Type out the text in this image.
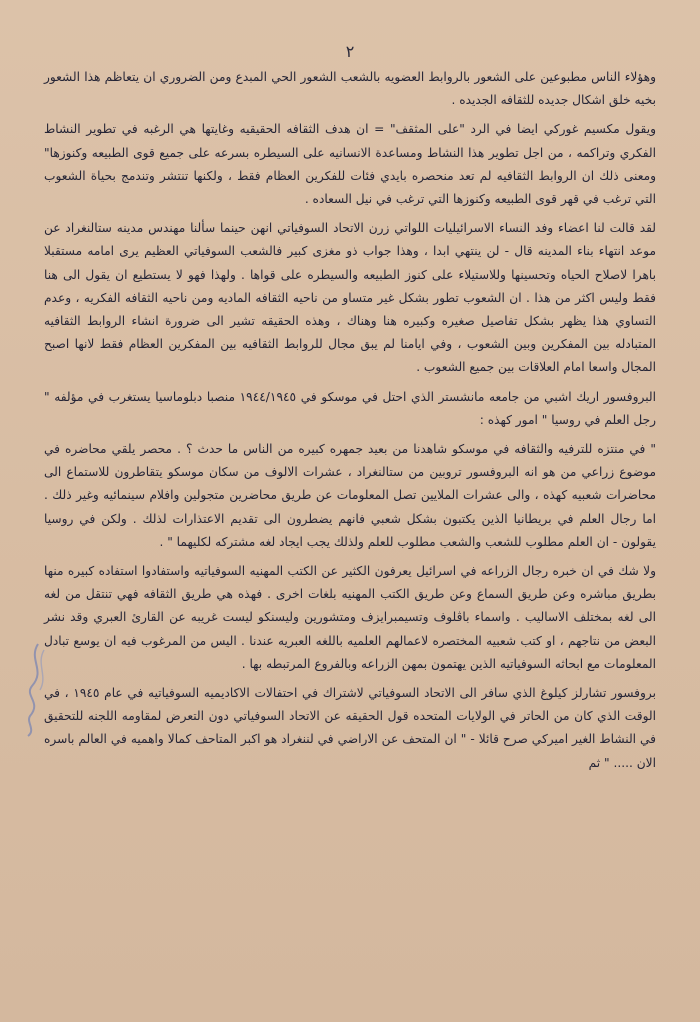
٢

وهؤلاء الناس مطبوعين على الشعور بالروابط العضويه بالشعب الشعور الحي المبدع ومن الضروري ان يتعاظم هذا الشعور بخيه خلق اشكال جديده للثقافه الجديده .

ويقول مكسيم غوركي ايضا في الرد "على المثقف" = ان هدف الثقافه الحقيقيه وغايتها هي الرغبه في تطوير النشاط الفكري وتراكمه ، من اجل تطوير هذا النشاط ومساعدة الانسانيه على السيطره بسرعه على جميع قوى الطبيعه وكنوزها" ومعنى ذلك ان الروابط الثقافيه لم تعد منحصره بايدي فئات للفكرين العظام فقط ، ولكنها تنتشر وتندمج بحياة الشعوب التي ترغب في قهر قوى الطبيعه وكنوزها التي ترغب في نيل السعاده .

لقد قالت لنا اعضاء وفد النساء الاسرائيليات اللواتي زرن الاتحاد السوفياتي انهن حينما سألنا مهندس مدينه ستالنغراد عن موعد انتهاء بناء المدينه قال - لن ينتهي ابدا ، وهذا جواب ذو مغزى كبير فالشعب السوفياتي العظيم يرى امامه مستقبلا باهرا لاصلاح الحياه وتحسينها وللاستيلاء على كنوز الطبيعه والسيطره على قواها . ولهذا فهو لا يستطيع ان يقول الى هنا فقط وليس اكثر من هذا . ان الشعوب تطور بشكل غير متساو من ناحيه الثقافه الماديه ومن ناحيه الثقافه الفكريه ، وعدم التساوي هذا يظهر بشكل تفاصيل صغيره وكبيره هنا وهناك ، وهذه الحقيقه تشير الى ضرورة انشاء الروابط الثقافيه المتبادله بين المفكرين وبين الشعوب ، وفي ايامنا لم يبق مجال للروابط الثقافيه بين المفكرين العظام فقط لانها اصبح المجال واسعا امام العلاقات بين جميع الشعوب .

البروفسور اريك اشبي من جامعه مانشستر الذي احتل في موسكو في ١٩٤٤/١٩٤٥ منصبا دبلوماسيا يستغرب في مؤلفه " رجل العلم في روسيا " امور كهذه :

" في منتزه للترفيه والثقافه في موسكو شاهدنا من بعيد جمهره كبيره من الناس ما حدث ؟ . محصر يلقي محاضره في موضوع زراعي من هو انه البروفسور تروبين من ستالنغراد ، عشرات الالوف من سكان موسكو يتقاطرون للاستماع الى محاضرات شعبيه كهذه ، والى عشرات الملايين تصل المعلومات عن طريق محاضرين متجولين وافلام سينمائيه وغير ذلك . اما رجال العلم في بريطانيا الذين يكتبون بشكل شعبي فانهم يضطرون الى تقديم الاعتذارات لذلك . ولكن في روسيا يقولون - ان العلم مطلوب للشعب والشعب مطلوب للعلم ولذلك يجب ايجاد لغه مشتركه لكليهما " .

ولا شك في ان خبره رجال الزراعه في اسرائيل يعرفون الكثير عن الكتب المهنيه السوفياتيه واستفادوا استفاده كبيره منها بطريق مباشره وعن طريق السماع وعن طريق الكتب المهنيه بلغات اخرى . فهذه هي طريق الثقافه فهي تنتقل من لغه الى لغه بمختلف الاساليب . واسماء باڤلوف وتسيمبرايزف ومتشورين وليسنكو ليست غريبه عن القارئ العبري وقد نشر البعض من نتاجهم ، او كتب شعبيه المختصره لاعمالهم العلميه باللغه العبريه عندنا . اليس من المرغوب فيه ان يوسع تبادل المعلومات مع ابحاثه السوفياتيه الذين يهتمون بمهن الزراعه وبالفروع المرتبطه بها .

بروفسور تشارلز كيلوغ الذي سافر الى الاتحاد السوفياتي لاشتراك في احتفالات الاكاديميه السوفياتيه في عام ١٩٤٥ ، في الوقت الذي كان من الحاتر في الولايات المتحده قول الحقيقه عن الاتحاد السوفياتي دون التعرض لمقاومه اللجنه للتحقيق في النشاط الغير اميركي صرح قائلا - " ان المتحف عن الاراضي في لننغراد هو اكبر المتاحف كمالا واهميه في العالم باسره الان ..... " ثم
